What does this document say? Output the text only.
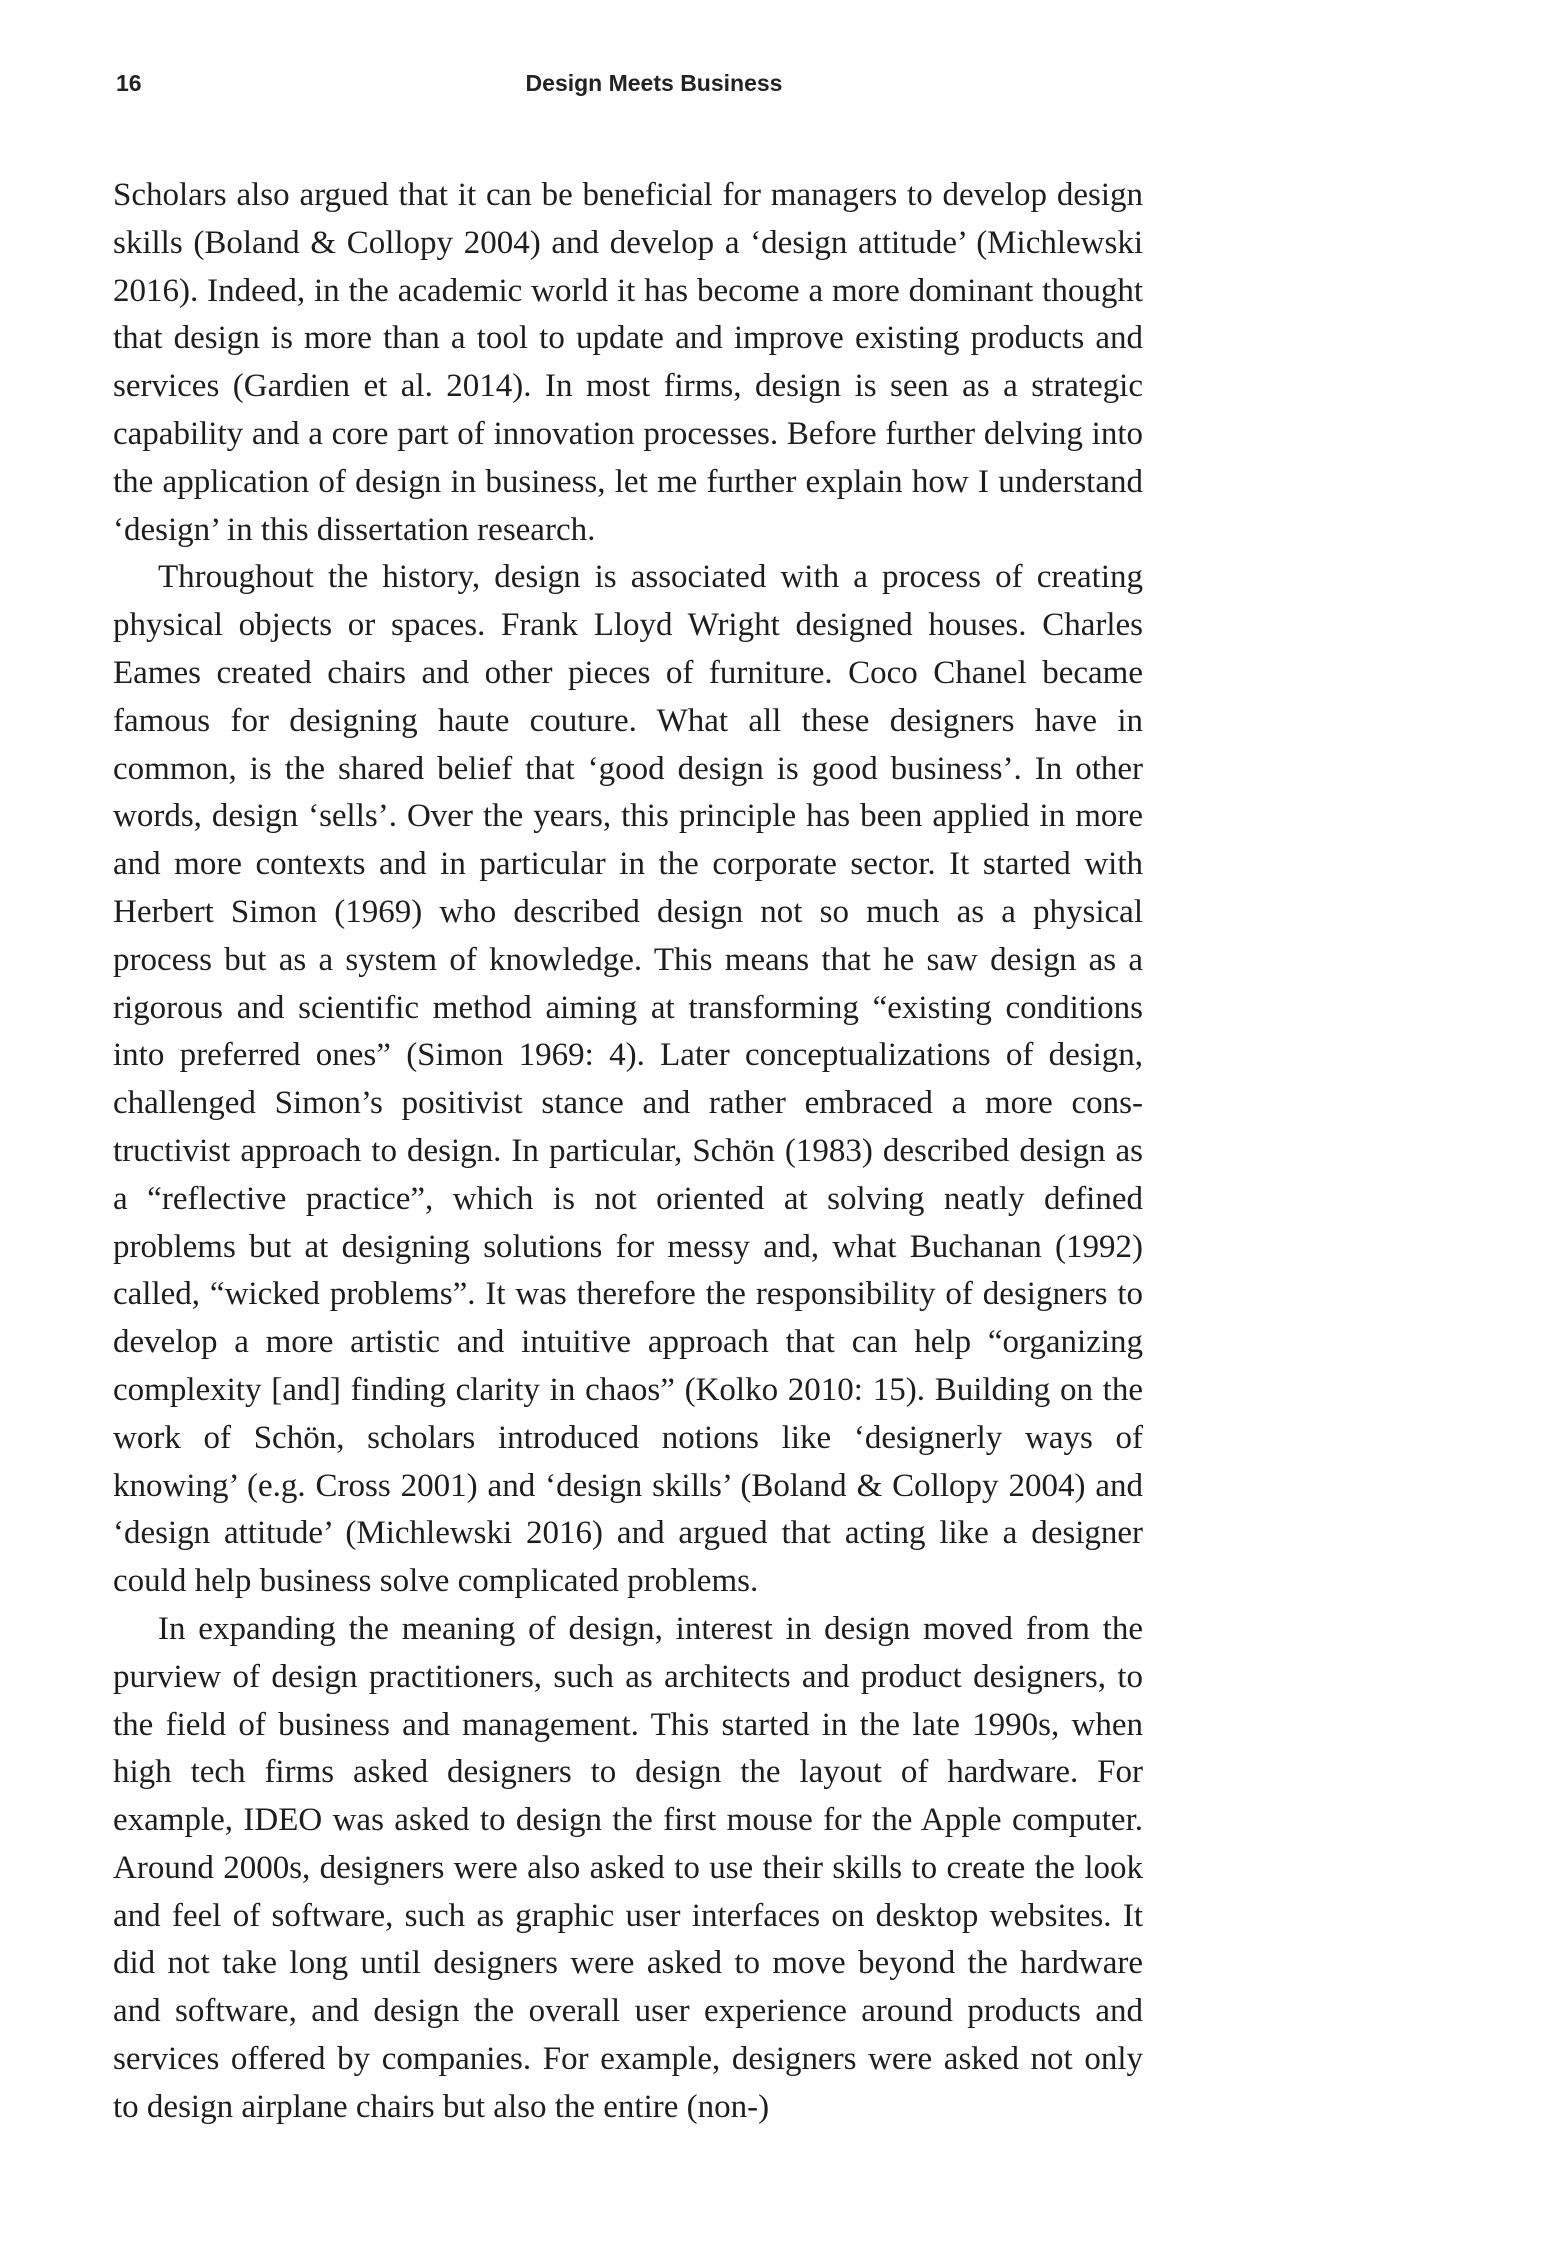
16	Design Meets Business

Scholars also argued that it can be beneficial for managers to develop design skills (Boland & Collopy 2004) and develop a ‘design attitude’ (Michlewski 2016). Indeed, in the academic world it has become a more dominant thought that design is more than a tool to update and improve existing products and services (Gardien et al. 2014). In most firms, design is seen as a strategic capability and a core part of innovation processes. Before further delving into the application of design in business, let me further explain how I understand ‘design’ in this dissertation research.

Throughout the history, design is associated with a process of creating physical objects or spaces. Frank Lloyd Wright designed houses. Charles Eames created chairs and other pieces of furniture. Coco Chanel became famous for designing haute couture. What all these designers have in common, is the shared belief that ‘good design is good business’. In other words, design ‘sells’. Over the years, this principle has been applied in more and more contexts and in particular in the corporate sector. It started with Herbert Simon (1969) who described design not so much as a physical process but as a system of knowledge. This means that he saw design as a rigorous and scientific method aiming at transforming “existing conditions into preferred ones” (Simon 1969: 4). Later conceptualizations of design, challenged Simon’s positivist stance and rather embraced a more constructivist approach to design. In particular, Schön (1983) described design as a “reflective practice”, which is not oriented at solving neatly defined problems but at designing solutions for messy and, what Buchanan (1992) called, “wicked problems”. It was therefore the responsibility of designers to develop a more artistic and intuitive approach that can help “organizing complexity [and] finding clarity in chaos” (Kolko 2010: 15). Building on the work of Schön, scholars introduced notions like ‘designerly ways of knowing’ (e.g. Cross 2001) and ‘design skills’ (Boland & Collopy 2004) and ‘design attitude’ (Michlewski 2016) and argued that acting like a designer could help business solve complicated problems.

In expanding the meaning of design, interest in design moved from the purview of design practitioners, such as architects and product designers, to the field of business and management. This started in the late 1990s, when high tech firms asked designers to design the layout of hardware. For example, IDEO was asked to design the first mouse for the Apple computer. Around 2000s, designers were also asked to use their skills to create the look and feel of software, such as graphic user interfaces on desktop websites. It did not take long until designers were asked to move beyond the hardware and software, and design the overall user experience around products and services offered by companies. For example, designers were asked not only to design airplane chairs but also the entire (non-)
